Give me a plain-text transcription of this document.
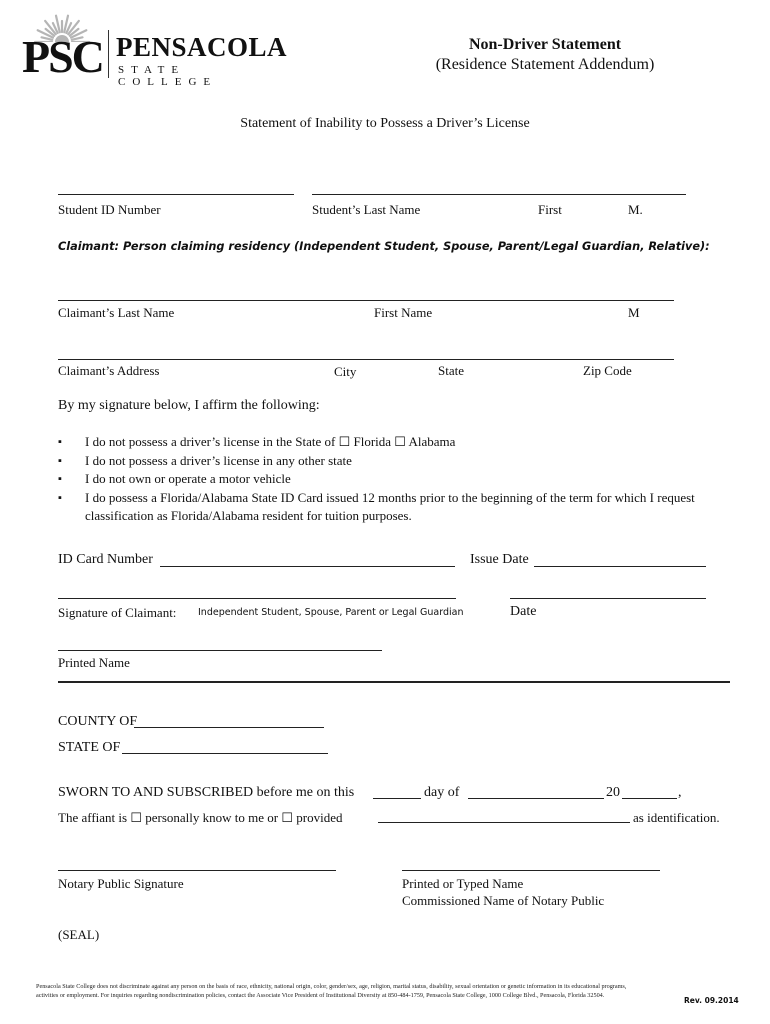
PSC PENSACOLA
STATE COLLEGE
Non-Driver Statement
(Residence Statement Addendum)
Statement of Inability to Possess a Driver’s License
Student ID Number	Student’s Last Name	First	M.
Claimant: Person claiming residency (Independent Student, Spouse, Parent/Legal Guardian, Relative):
Claimant’s Last Name	First Name	M
Claimant’s Address	City	State	Zip Code
By my signature below, I affirm the following:
▪ I do not possess a driver’s license in the State of ☐ Florida ☐ Alabama
▪ I do not possess a driver’s license in any other state
▪ I do not own or operate a motor vehicle
▪ I do possess a Florida/Alabama State ID Card issued 12 months prior to the beginning of the term for which I request classification as Florida/Alabama resident for tuition purposes.
ID Card Number	Issue Date
Signature of Claimant: Independent Student, Spouse, Parent or Legal Guardian	Date
Printed Name
COUNTY OF
STATE OF
SWORN TO AND SUBSCRIBED before me on this	day of	20	,
The affiant is ☐ personally know to me or ☐ provided	as identification.
Notary Public Signature	Printed or Typed Name
Commissioned Name of Notary Public
(SEAL)
Pensacola State College does not discriminate against any person on the basis of race, ethnicity, national origin, color, gender/sex, age, religion, marital status, disability, sexual orientation or genetic information in its educational programs,
activities or employment. For inquiries regarding nondiscrimination policies, contact the Associate Vice President of Institutional Diversity at 850-484-1759, Pensacola State College, 1000 College Blvd., Pensacola, Florida 32504.
Rev. 09.2014
